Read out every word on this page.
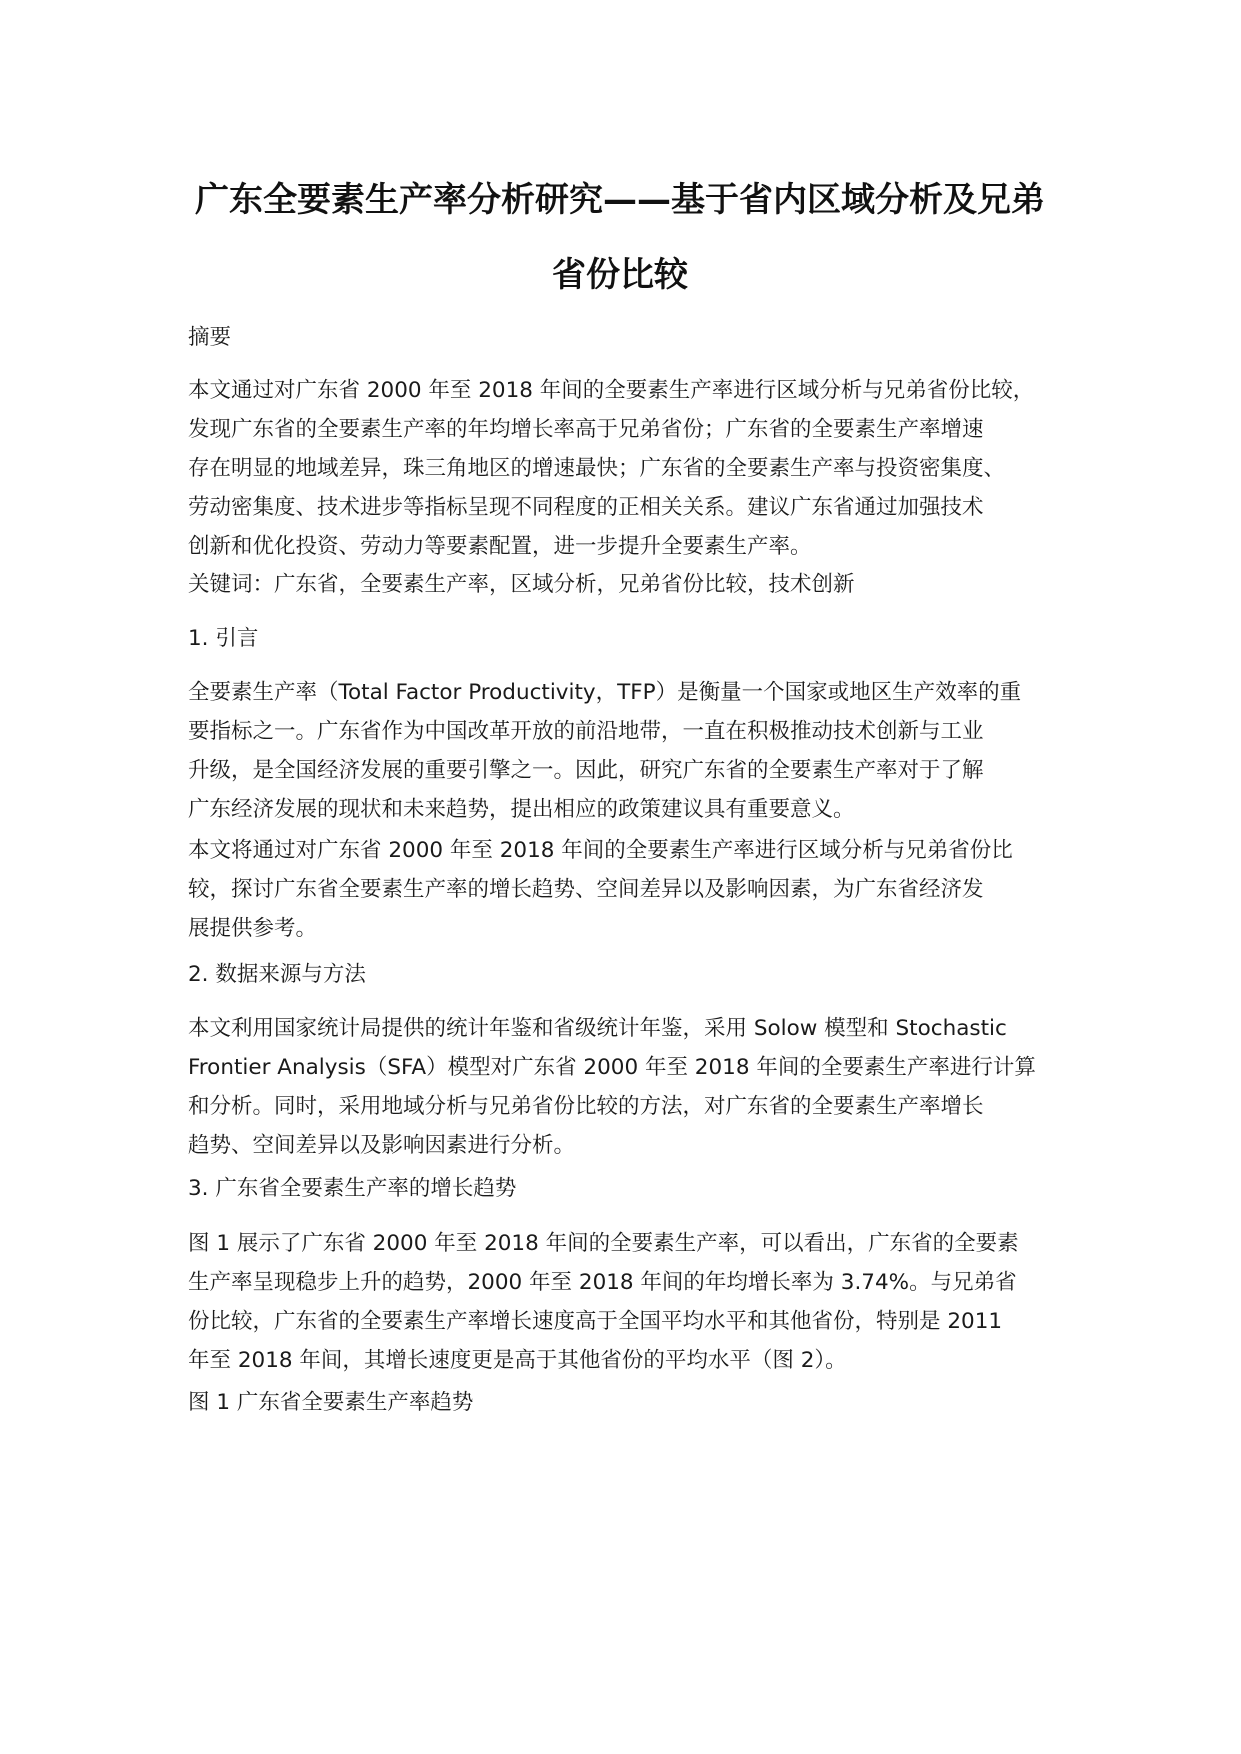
广东全要素生产率分析研究——基于省内区域分析及兄弟
省份比较
摘要
本文通过对广东省 2000 年至 2018 年间的全要素生产率进行区域分析与兄弟省份比较，
发现广东省的全要素生产率的年均增长率高于兄弟省份；广东省的全要素生产率增速
存在明显的地域差异，珠三角地区的增速最快；广东省的全要素生产率与投资密集度、
劳动密集度、技术进步等指标呈现不同程度的正相关关系。建议广东省通过加强技术
创新和优化投资、劳动力等要素配置，进一步提升全要素生产率。
关键词：广东省，全要素生产率，区域分析，兄弟省份比较，技术创新
1. 引言
全要素生产率（Total Factor Productivity，TFP）是衡量一个国家或地区生产效率的重
要指标之一。广东省作为中国改革开放的前沿地带，一直在积极推动技术创新与工业
升级，是全国经济发展的重要引擎之一。因此，研究广东省的全要素生产率对于了解
广东经济发展的现状和未来趋势，提出相应的政策建议具有重要意义。
本文将通过对广东省 2000 年至 2018 年间的全要素生产率进行区域分析与兄弟省份比
较，探讨广东省全要素生产率的增长趋势、空间差异以及影响因素，为广东省经济发
展提供参考。
2. 数据来源与方法
本文利用国家统计局提供的统计年鉴和省级统计年鉴，采用 Solow 模型和 Stochastic
Frontier Analysis（SFA）模型对广东省 2000 年至 2018 年间的全要素生产率进行计算
和分析。同时，采用地域分析与兄弟省份比较的方法，对广东省的全要素生产率增长
趋势、空间差异以及影响因素进行分析。
3. 广东省全要素生产率的增长趋势
图 1 展示了广东省 2000 年至 2018 年间的全要素生产率，可以看出，广东省的全要素
生产率呈现稳步上升的趋势，2000 年至 2018 年间的年均增长率为 3.74%。与兄弟省
份比较，广东省的全要素生产率增长速度高于全国平均水平和其他省份，特别是 2011
年至 2018 年间，其增长速度更是高于其他省份的平均水平（图 2）。
图 1 广东省全要素生产率趋势
